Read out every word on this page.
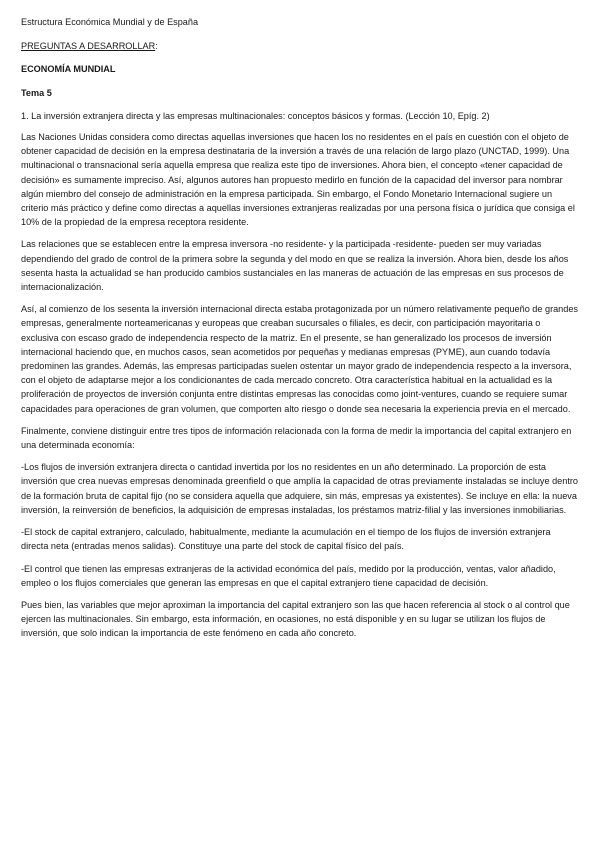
Estructura Económica Mundial y de España

PREGUNTAS A DESARROLLAR:

ECONOMÍA MUNDIAL

Tema 5

1. La inversión extranjera directa y las empresas multinacionales: conceptos básicos y formas. (Lección 10, Epíg. 2)

Las Naciones Unidas considera como directas aquellas inversiones que hacen los no residentes en el país en cuestión con el objeto de obtener capacidad de decisión en la empresa destinataria de la inversión a través de una relación de largo plazo (UNCTAD, 1999). Una multinacional o transnacional sería aquella empresa que realiza este tipo de inversiones. Ahora bien, el concepto «tener capacidad de decisión» es sumamente impreciso. Así, algunos autores han propuesto medirlo en función de la capacidad del inversor para nombrar algún miembro del consejo de administración en la empresa participada. Sin embargo, el Fondo Monetario Internacional sugiere un criterio más práctico y define como directas a aquellas inversiones extranjeras realizadas por una persona física o jurídica que consiga el 10% de la propiedad de la empresa receptora residente.

Las relaciones que se establecen entre la empresa inversora -no residente- y la participada -residente- pueden ser muy variadas dependiendo del grado de control de la primera sobre la segunda y del modo en que se realiza la inversión. Ahora bien, desde los años sesenta hasta la actualidad se han producido cambios sustanciales en las maneras de actuación de las empresas en sus procesos de internacionalización.

Así, al comienzo de los sesenta la inversión internacional directa estaba protagonizada por un número relativamente pequeño de grandes empresas, generalmente norteamericanas y europeas que creaban sucursales o filiales, es decir, con participación mayoritaria o exclusiva con escaso grado de independencia respecto de la matriz. En el presente, se han generalizado los procesos de inversión internacional haciendo que, en muchos casos, sean acometidos por pequeñas y medianas empresas (PYME), aun cuando todavía predominen las grandes. Además, las empresas participadas suelen ostentar un mayor grado de independencia respecto a la inversora, con el objeto de adaptarse mejor a los condicionantes de cada mercado concreto. Otra característica habitual en la actualidad es la proliferación de proyectos de inversión conjunta entre distintas empresas las conocidas como joint-ventures, cuando se requiere sumar capacidades para operaciones de gran volumen, que comporten alto riesgo o donde sea necesaria la experiencia previa en el mercado.

Finalmente, conviene distinguir entre tres tipos de información relacionada con la forma de medir la importancia del capital extranjero en una determinada economía:

-Los flujos de inversión extranjera directa o cantidad invertida por los no residentes en un año determinado. La proporción de esta inversión que crea nuevas empresas denominada greenfield o que amplía la capacidad de otras previamente instaladas se incluye dentro de la formación bruta de capital fijo (no se considera aquella que adquiere, sin más, empresas ya existentes). Se incluye en ella: la nueva inversión, la reinversión de beneficios, la adquisición de empresas instaladas, los préstamos matriz-filial y las inversiones inmobiliarias.

-El stock de capital extranjero, calculado, habitualmente, mediante la acumulación en el tiempo de los flujos de inversión extranjera directa neta (entradas menos salidas). Constituye una parte del stock de capital físico del país.

-El control que tienen las empresas extranjeras de la actividad económica del país, medido por la producción, ventas, valor añadido, empleo o los flujos comerciales que generan las empresas en que el capital extranjero tiene capacidad de decisión.

Pues bien, las variables que mejor aproximan la importancia del capital extranjero son las que hacen referencia al stock o al control que ejercen las multinacionales. Sin embargo, esta información, en ocasiones, no está disponible y en su lugar se utilizan los flujos de inversión, que solo indican la importancia de este fenómeno en cada año concreto.
